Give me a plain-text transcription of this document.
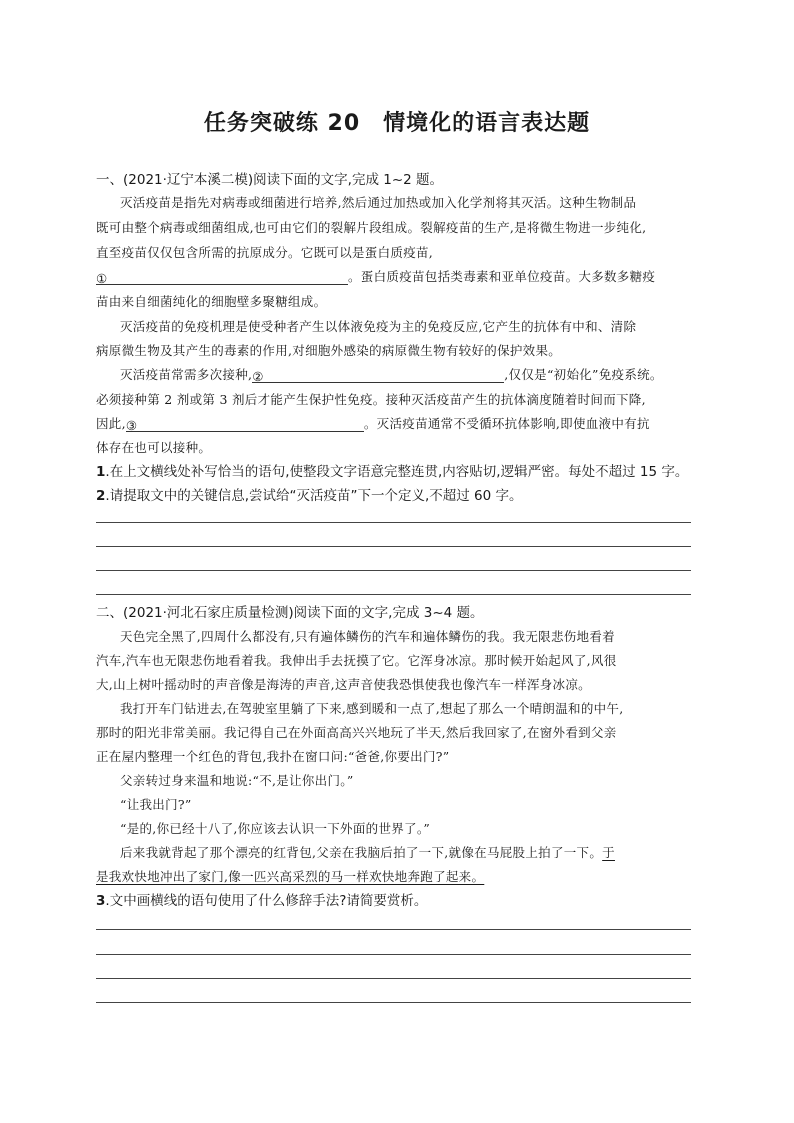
任务突破练 20　情境化的语言表达题
一、(2021·辽宁本溪二模)阅读下面的文字,完成 1~2 题。
灭活疫苗是指先对病毒或细菌进行培养,然后通过加热或加入化学剂将其灭活。这种生物制品
既可由整个病毒或细菌组成,也可由它们的裂解片段组成。裂解疫苗的生产,是将微生物进一步纯化,
直至疫苗仅仅包含所需的抗原成分。它既可以是蛋白质疫苗,
①	。蛋白质疫苗包括类毒素和亚单位疫苗。大多数多糖疫
苗由来自细菌纯化的细胞壁多聚糖组成。
灭活疫苗的免疫机理是使受种者产生以体液免疫为主的免疫反应,它产生的抗体有中和、清除
病原微生物及其产生的毒素的作用,对细胞外感染的病原微生物有较好的保护效果。
灭活疫苗常需多次接种,②	,仅仅是“初始化”免疫系统。
必须接种第 2 剂或第 3 剂后才能产生保护性免疫。接种灭活疫苗产生的抗体滴度随着时间而下降,
因此,③	。灭活疫苗通常不受循环抗体影响,即使血液中有抗
体存在也可以接种。
1.在上文横线处补写恰当的语句,使整段文字语意完整连贯,内容贴切,逻辑严密。每处不超过 15 字。
2.请提取文中的关键信息,尝试给“灭活疫苗”下一个定义,不超过 60 字。
二、(2021·河北石家庄质量检测)阅读下面的文字,完成 3~4 题。
天色完全黑了,四周什么都没有,只有遍体鳞伤的汽车和遍体鳞伤的我。我无限悲伤地看着
汽车,汽车也无限悲伤地看着我。我伸出手去抚摸了它。它浑身冰凉。那时候开始起风了,风很
大,山上树叶摇动时的声音像是海涛的声音,这声音使我恐惧使我也像汽车一样浑身冰凉。
我打开车门钻进去,在驾驶室里躺了下来,感到暖和一点了,想起了那么一个晴朗温和的中午,
那时的阳光非常美丽。我记得自己在外面高高兴兴地玩了半天,然后我回家了,在窗外看到父亲
正在屋内整理一个红色的背包,我扑在窗口问:“爸爸,你要出门?”
父亲转过身来温和地说:“不,是让你出门。”
“让我出门?”
“是的,你已经十八了,你应该去认识一下外面的世界了。”
后来我就背起了那个漂亮的红背包,父亲在我脑后拍了一下,就像在马屁股上拍了一下。于
是我欢快地冲出了家门,像一匹兴高采烈的马一样欢快地奔跑了起来。
3.文中画横线的语句使用了什么修辞手法?请简要赏析。
